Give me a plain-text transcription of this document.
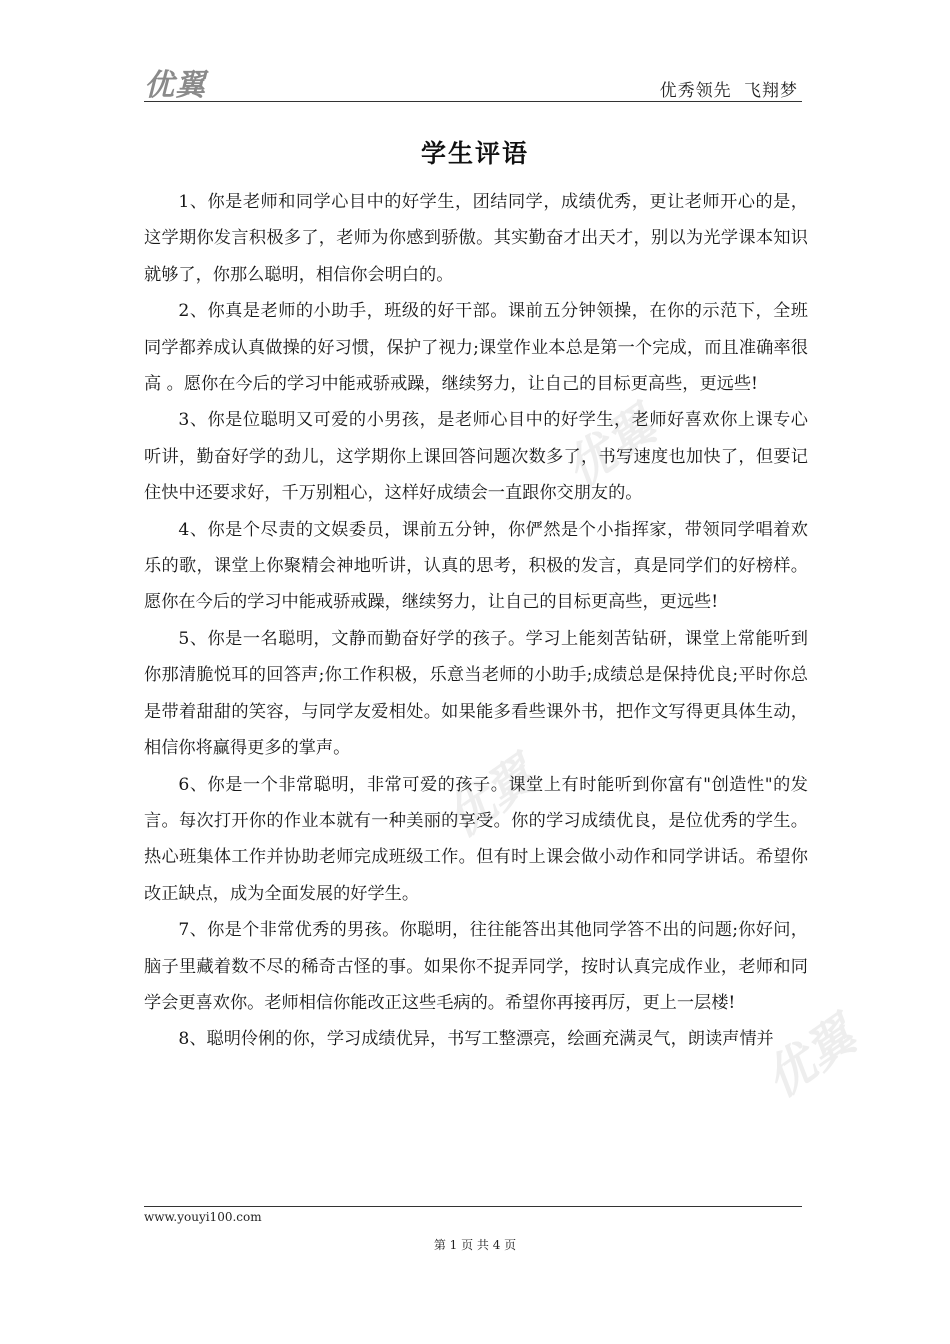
优翼	优秀领先 飞翔梦
学生评语
优翼
优翼
优翼

1、你是老师和同学心目中的好学生，团结同学，成绩优秀，更让老师开心的是，这学期你发言积极多了，老师为你感到骄傲。其实勤奋才出天才，别以为光学课本知识就够了，你那么聪明，相信你会明白的。

2、你真是老师的小助手，班级的好干部。课前五分钟领操，在你的示范下，全班同学都养成认真做操的好习惯，保护了视力;课堂作业本总是第一个完成，而且准确率很高 。愿你在今后的学习中能戒骄戒躁，继续努力，让自己的目标更高些，更远些!

3、你是位聪明又可爱的小男孩，是老师心目中的好学生，老师好喜欢你上课专心听讲，勤奋好学的劲儿，这学期你上课回答问题次数多了，书写速度也加快了，但要记住快中还要求好，千万别粗心，这样好成绩会一直跟你交朋友的。

4、你是个尽责的文娱委员，课前五分钟，你俨然是个小指挥家，带领同学唱着欢乐的歌，课堂上你聚精会神地听讲，认真的思考，积极的发言，真是同学们的好榜样。愿你在今后的学习中能戒骄戒躁，继续努力，让自己的目标更高些，更远些!

5、你是一名聪明，文静而勤奋好学的孩子。学习上能刻苦钻研，课堂上常能听到你那清脆悦耳的回答声;你工作积极，乐意当老师的小助手;成绩总是保持优良;平时你总是带着甜甜的笑容，与同学友爱相处。如果能多看些课外书，把作文写得更具体生动，相信你将赢得更多的掌声。

6、你是一个非常聪明，非常可爱的孩子。课堂上有时能听到你富有"创造性"的发言。每次打开你的作业本就有一种美丽的享受。你的学习成绩优良，是位优秀的学生。热心班集体工作并协助老师完成班级工作。但有时上课会做小动作和同学讲话。希望你改正缺点，成为全面发展的好学生。

7、你是个非常优秀的男孩。你聪明，往往能答出其他同学答不出的问题;你好问，脑子里藏着数不尽的稀奇古怪的事。如果你不捉弄同学，按时认真完成作业，老师和同学会更喜欢你。老师相信你能改正这些毛病的。希望你再接再厉，更上一层楼!

8、聪明伶俐的你，学习成绩优异，书写工整漂亮，绘画充满灵气，朗读声情并

www.youyi100.com
第 1 页 共 4 页
